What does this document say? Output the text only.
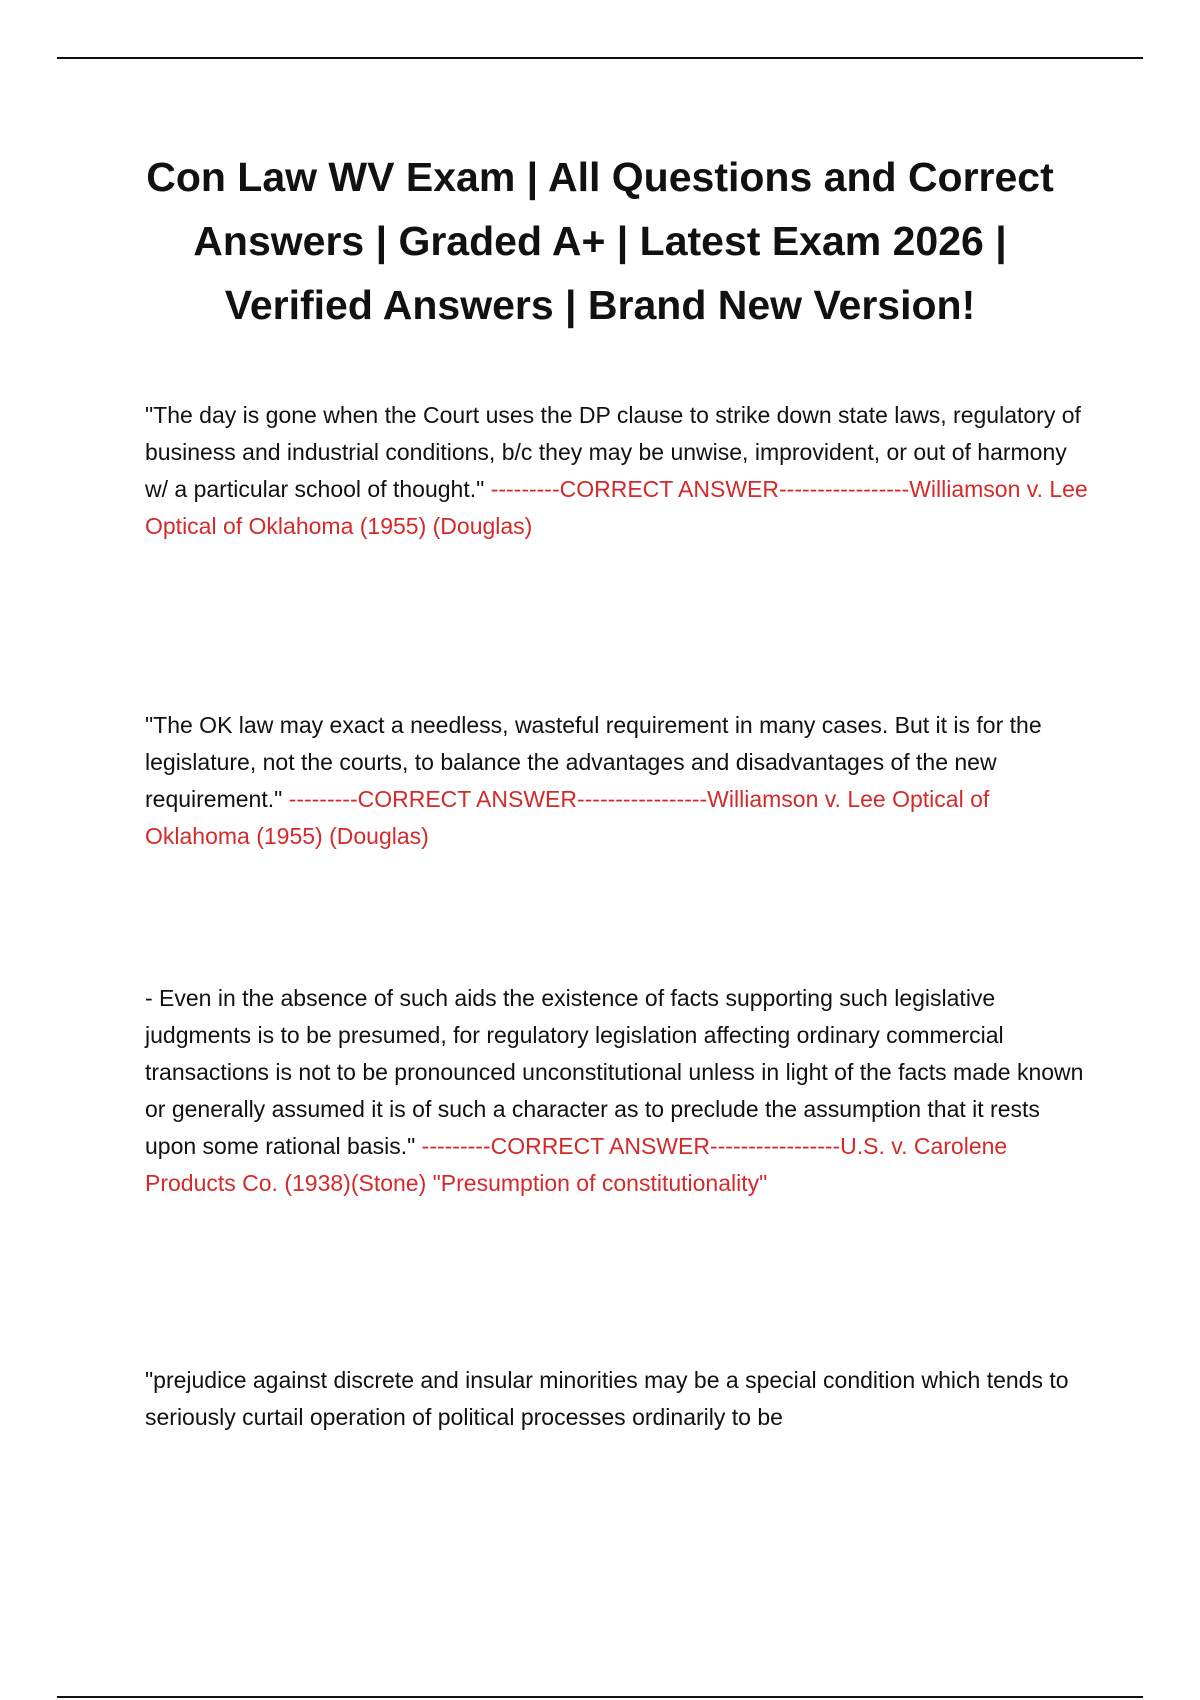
Con Law WV Exam | All Questions and Correct Answers | Graded A+ | Latest Exam 2026 | Verified Answers | Brand New Version!

"The day is gone when the Court uses the DP clause to strike down state laws, regulatory of business and industrial conditions, b/c they may be unwise, improvident, or out of harmony w/ a particular school of thought." ---------CORRECT ANSWER-----------------Williamson v. Lee Optical of Oklahoma (1955) (Douglas)

"The OK law may exact a needless, wasteful requirement in many cases. But it is for the legislature, not the courts, to balance the advantages and disadvantages of the new requirement." ---------CORRECT ANSWER-----------------Williamson v. Lee Optical of Oklahoma (1955) (Douglas)

- Even in the absence of such aids the existence of facts supporting such legislative judgments is to be presumed, for regulatory legislation affecting ordinary commercial transactions is not to be pronounced unconstitutional unless in light of the facts made known or generally assumed it is of such a character as to preclude the assumption that it rests upon some rational basis." ---------CORRECT ANSWER-----------------U.S. v. Carolene Products Co. (1938)(Stone) "Presumption of constitutionality"

"prejudice against discrete and insular minorities may be a special condition which tends to seriously curtail operation of political processes ordinarily to be
